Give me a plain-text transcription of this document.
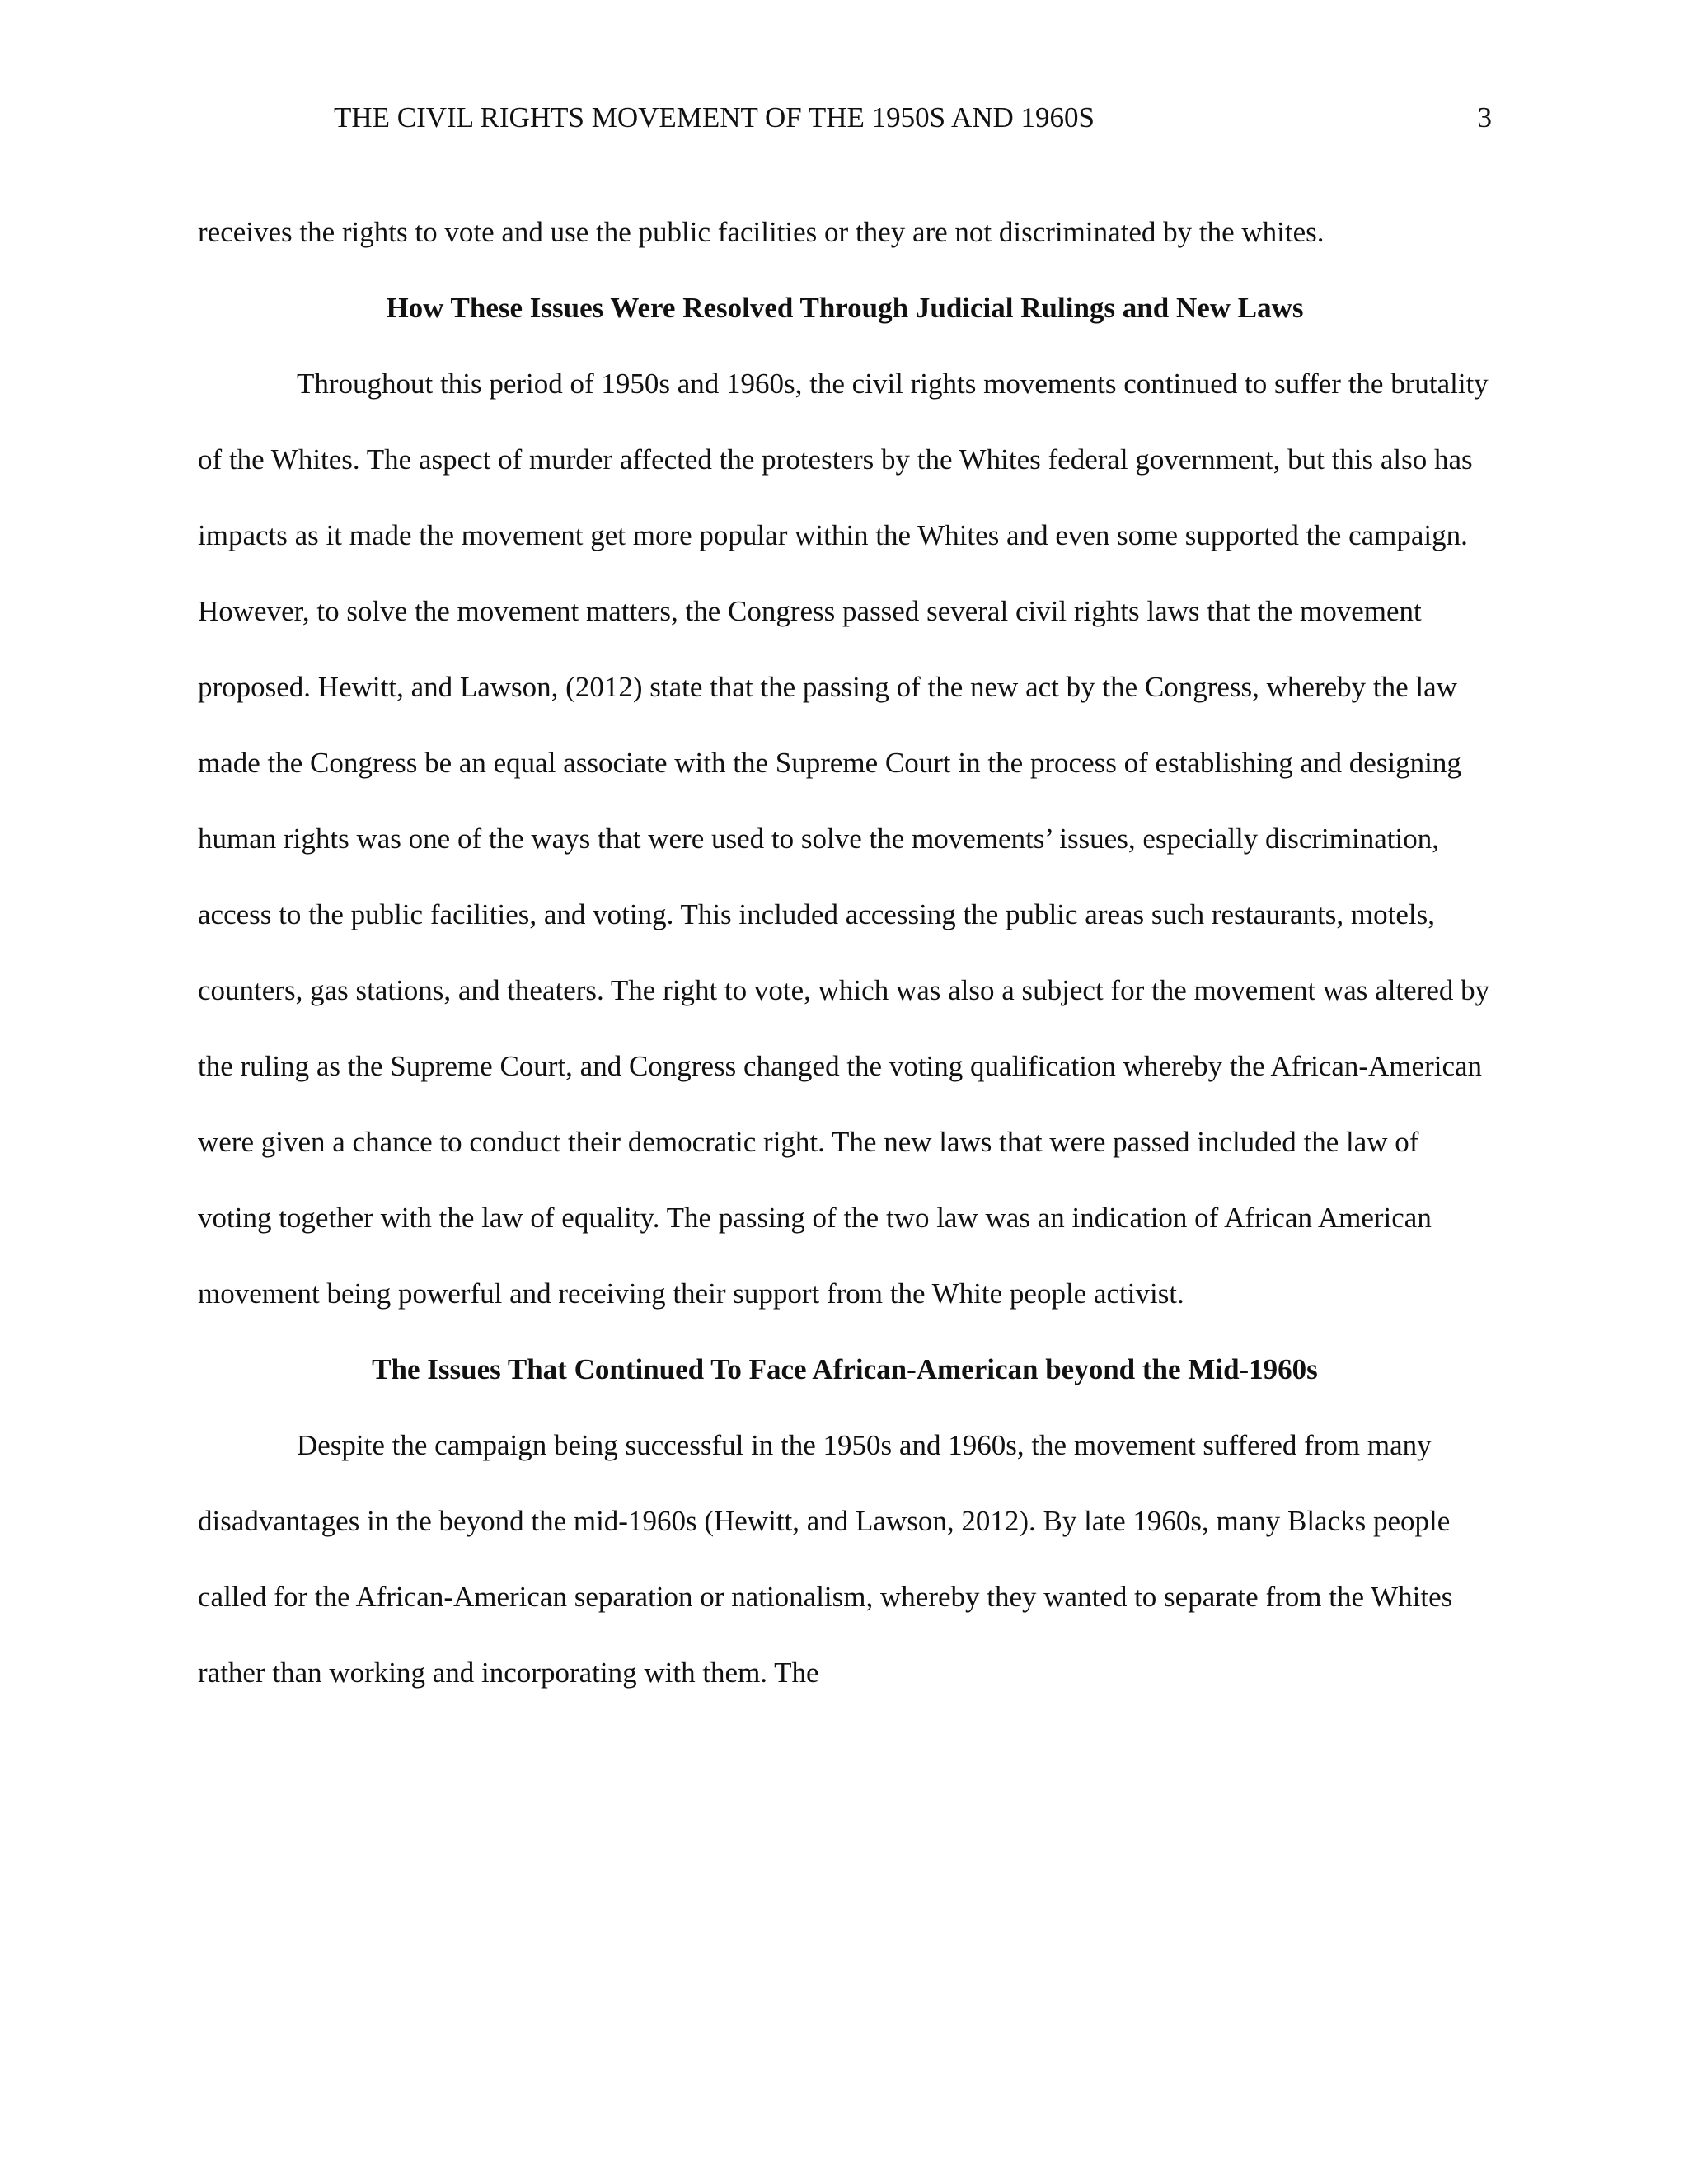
THE CIVIL RIGHTS MOVEMENT OF THE 1950S AND 1960S	3

receives the rights to vote and use the public facilities or they are not discriminated by the whites.

How These Issues Were Resolved Through Judicial Rulings and New Laws

Throughout this period of 1950s and 1960s, the civil rights movements continued to suffer the brutality of the Whites. The aspect of murder affected the protesters by the Whites federal government, but this also has impacts as it made the movement get more popular within the Whites and even some supported the campaign. However, to solve the movement matters, the Congress passed several civil rights laws that the movement proposed. Hewitt, and Lawson, (2012) state that the passing of the new act by the Congress, whereby the law made the Congress be an equal associate with the Supreme Court in the process of establishing and designing human rights was one of the ways that were used to solve the movements’ issues, especially discrimination, access to the public facilities, and voting. This included accessing the public areas such restaurants, motels, counters, gas stations, and theaters. The right to vote, which was also a subject for the movement was altered by the ruling as the Supreme Court, and Congress changed the voting qualification whereby the African-American were given a chance to conduct their democratic right. The new laws that were passed included the law of voting together with the law of equality. The passing of the two law was an indication of African American movement being powerful and receiving their support from the White people activist.

The Issues That Continued To Face African-American beyond the Mid-1960s

Despite the campaign being successful in the 1950s and 1960s, the movement suffered from many disadvantages in the beyond the mid-1960s (Hewitt, and Lawson, 2012). By late 1960s, many Blacks people called for the African-American separation or nationalism, whereby they wanted to separate from the Whites rather than working and incorporating with them. The
